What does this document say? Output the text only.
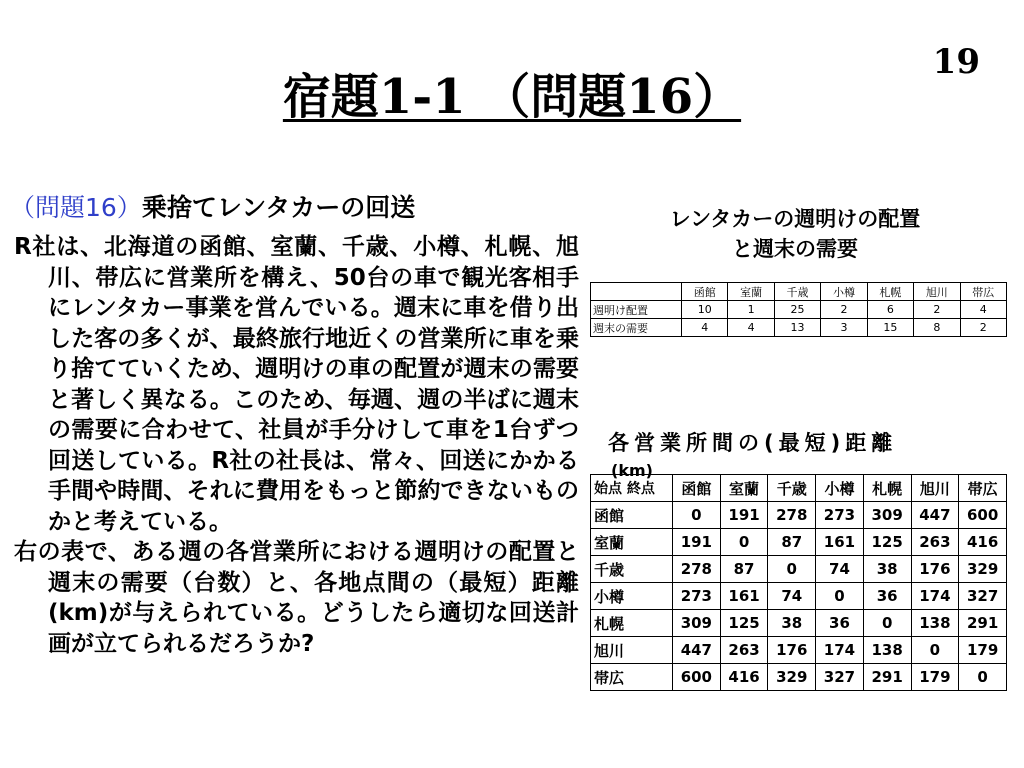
19
宿題1-1 （問題16）
（問題16）乗捨てレンタカーの回送
R社は、北海道の函館、室蘭、千歳、小樽、札幌、旭川、帯広に営業所を構え、50台の車で観光客相手にレンタカー事業を営んでいる。週末に車を借り出した客の多くが、最終旅行地近くの営業所に車を乗り捨てていくため、週明けの車の配置が週末の需要と著しく異なる。このため、毎週、週の半ばに週末の需要に合わせて、社員が手分けして車を1台ずつ回送している。R社の社長は、常々、回送にかかる手間や時間、それに費用をもっと節約できないものかと考えている。
右の表で、ある週の各営業所における週明けの配置と週末の需要（台数）と、各地点間の（最短）距離(km)が与えられている。どうしたら適切な回送計画が立てられるだろうか?
レンタカーの週明けの配置
と週末の需要
	函館	室蘭	千歳	小樽	札幌	旭川	帯広
週明け配置	10	1	25	2	6	2	4
週末の需要	4	4	13	3	15	8	2
各営業所間の(最短)距離
(km)
始点 終点	函館	室蘭	千歳	小樽	札幌	旭川	帯広
函館	0	191	278	273	309	447	600
室蘭	191	0	87	161	125	263	416
千歳	278	87	0	74	38	176	329
小樽	273	161	74	0	36	174	327
札幌	309	125	38	36	0	138	291
旭川	447	263	176	174	138	0	179
帯広	600	416	329	327	291	179	0
